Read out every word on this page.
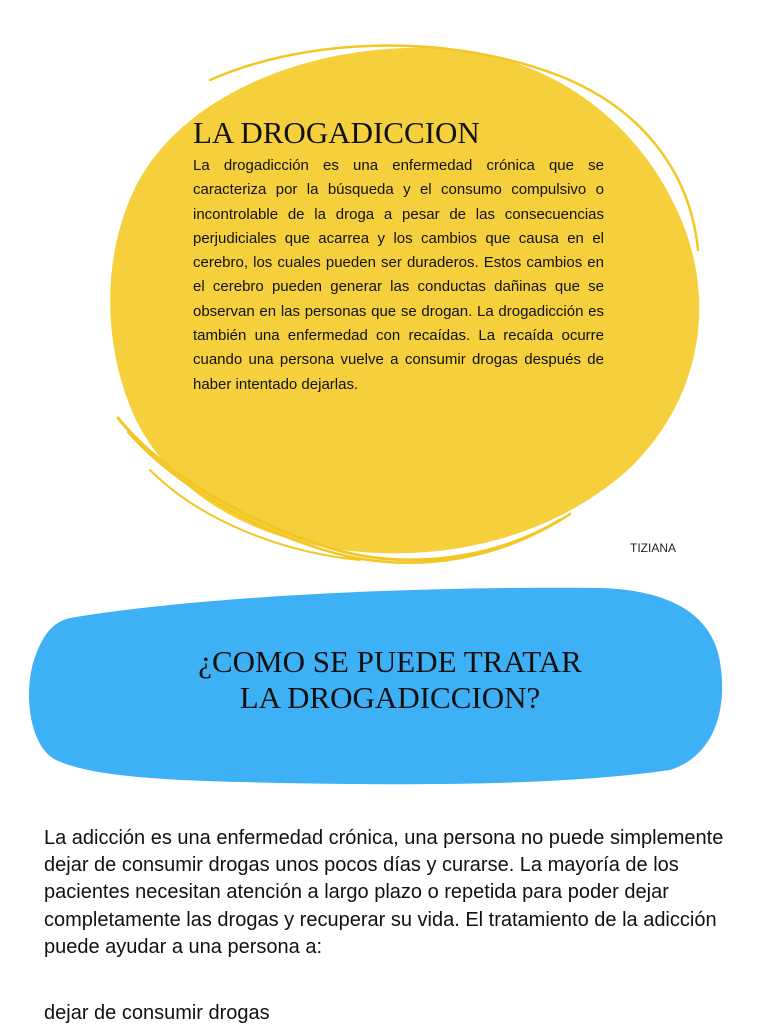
LA DROGADICCION

La drogadicción es una enfermedad crónica que se caracteriza por la búsqueda y el consumo compulsivo o incontrolable de la droga a pesar de las consecuencias perjudiciales que acarrea y los cambios que causa en el cerebro, los cuales pueden ser duraderos. Estos cambios en el cerebro pueden generar las conductas dañinas que se observan en las personas que se drogan. La drogadicción es también una enfermedad con recaídas. La recaída ocurre cuando una persona vuelve a consumir drogas después de haber intentado dejarlas.

TIZIANA

¿COMO SE PUEDE TRATAR
LA DROGADICCION?

La adicción es una enfermedad crónica, una persona no puede simplemente dejar de consumir drogas unos pocos días y curarse. La mayoría de los pacientes necesitan atención a largo plazo o repetida para poder dejar completamente las drogas y recuperar su vida. El tratamiento de la adicción puede ayudar a una persona a:

dejar de consumir drogas
